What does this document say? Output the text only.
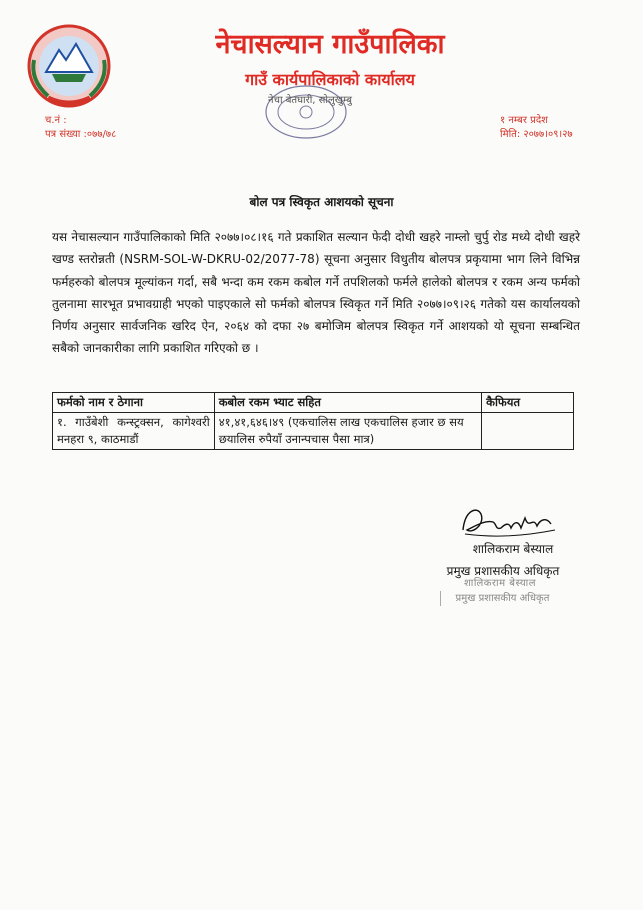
नेचासल्यान गाउँपालिका
गाउँ कार्यपालिकाको कार्यालय
नेचा बेतघारी, सोलुखुम्बु
च.नं :
पत्र संख्या :०७७/७८
१ नम्बर प्रदेश
मिति: २०७७।०९।२७
बोल पत्र स्विकृत आशयको सूचना
यस नेचासल्यान गाउँपालिकाको मिति २०७७।०८।१६ गते प्रकाशित सल्यान फेदी दोधी खहरे नाम्लो चुर्पु रोड मध्ये दोधी खहरे खण्ड स्तरोन्नती (NSRM-SOL-W-DKRU-02/2077-78) सूचना अनुसार विधुतीय बोलपत्र प्रकृयामा भाग लिने विभिन्न फर्महरुको बोलपत्र मूल्यांकन गर्दा, सबै भन्दा कम रकम कबोल गर्ने तपशिलको फर्मले हालेको बोलपत्र र रकम अन्य फर्मको तुलनामा सारभूत प्रभावग्राही भएको पाइएकाले सो फर्मको बोलपत्र स्विकृत गर्ने मिति २०७७।०९।२६ गतेको यस कार्यालयको निर्णय अनुसार सार्वजनिक खरिद ऐन, २०६४ को दफा २७ बमोजिम बोलपत्र स्विकृत गर्ने आशयको यो सूचना सम्बन्धित सबैको जानकारीका लागि प्रकाशित गरिएको छ ।
फर्मको नाम र ठेगाना	कबोल रकम भ्याट सहित	कैफियत
१. गाउँबेशी कन्स्ट्रक्सन, कागेश्वरी मनहरा ९, काठमाडौं	४१,४१,६४६।४९ (एकचालिस लाख एकचालिस हजार छ सय छयालिस रुपैयाँ उनान्पचास पैसा मात्र)	
शालिकराम बेस्याल
प्रमुख प्रशासकीय अधिकृत
शालिकराम बेस्याल
प्रमुख प्रशासकीय अधिकृत
